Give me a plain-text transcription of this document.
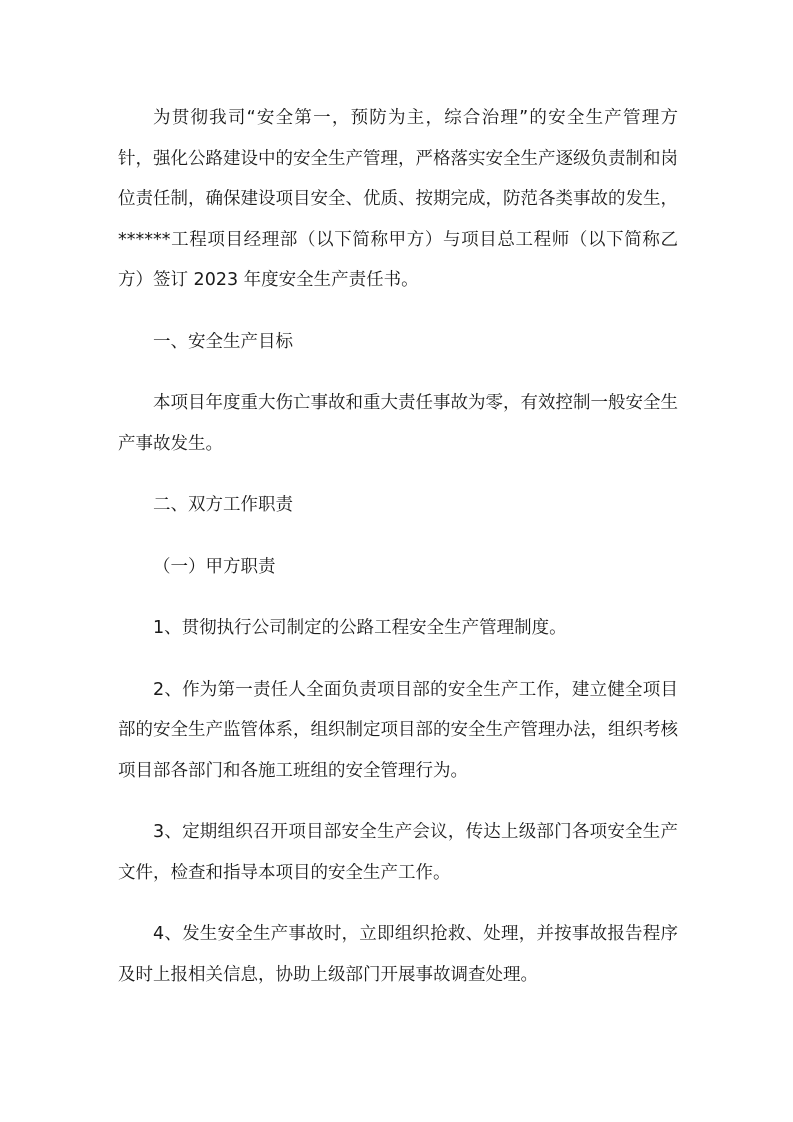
为贯彻我司“安全第一，预防为主，综合治理”的安全生产管理方针，强化公路建设中的安全生产管理，严格落实安全生产逐级负责制和岗位责任制，确保建设项目安全、优质、按期完成，防范各类事故的发生，******工程项目经理部（以下简称甲方）与项目总工程师（以下简称乙方）签订 2023 年度安全生产责任书。

一、安全生产目标

本项目年度重大伤亡事故和重大责任事故为零，有效控制一般安全生产事故发生。

二、双方工作职责

（一）甲方职责

1、贯彻执行公司制定的公路工程安全生产管理制度。

2、作为第一责任人全面负责项目部的安全生产工作，建立健全项目部的安全生产监管体系，组织制定项目部的安全生产管理办法，组织考核项目部各部门和各施工班组的安全管理行为。

3、定期组织召开项目部安全生产会议，传达上级部门各项安全生产文件，检查和指导本项目的安全生产工作。

4、发生安全生产事故时，立即组织抢救、处理，并按事故报告程序及时上报相关信息，协助上级部门开展事故调查处理。
